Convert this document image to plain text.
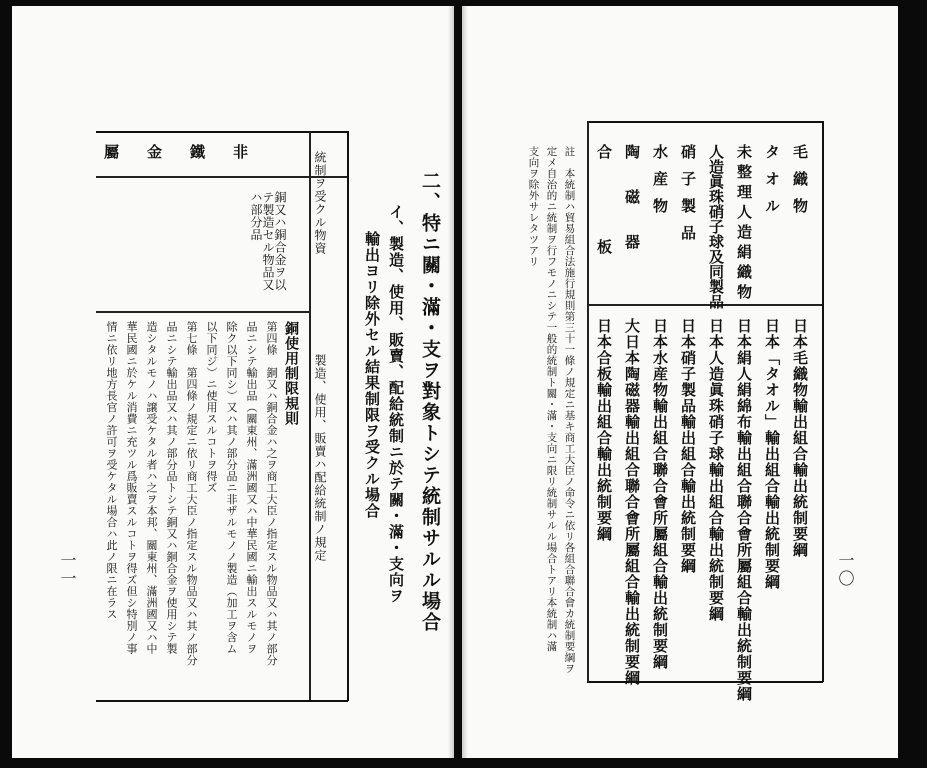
統制ヲ受クル物資
製造、使用、販賣ハ配給統制ノ規定
非鐵金屬
銅又ハ銅合金ヲ以テ製造セル物品又ハ部分品
銅使用制限規則
第四條　銅又ハ銅合金ハ之ヲ商工大臣ノ指定スル物品又ハ其ノ部分
品ニシテ輸出品（關東州、滿洲國又ハ中華民國ニ輸出スルモノヲ
除ク以下同シ）又ハ其ノ部分品ニ非ザルモノノ製造（加工ヲ含ム
以下同ジ）ニ使用スルコトヲ得ズ
第七條　第四條ノ規定ニ依リ商工大臣ノ指定スル物品又ハ其ノ部分
品ニシテ輸出品又ハ其ノ部分品トシテ銅又ハ銅合金ヲ使用シテ製
造シタルモノハ譲受ケタル者ハ之ヲ本邦、關東州、滿洲國又ハ中
華民國ニ於ケル消費ニ充ツル爲販賣スルコトヲ得ズ但シ特別ノ事
情ニ依リ地方長官ノ許可ヲ受ケタル場合ハ此ノ限ニ在ラス	二、特ニ關・滿・支ヲ對象トシテ統制サルル場合
イ、製造、使用、販賣、配給統制ニ於テ關・滿・支向ヲ
輸出ヨリ除外セル結果制限ヲ受クル場合
一一
毛織物
タオル
未整理人造絹織物
人造眞珠硝子球及同製品
硝子製品
水産物
陶磁器
合板
日本毛織物輸出組合輸出統制要綱
日本「タオル」輸出組合輸出統制要綱
日本絹人絹綿布輸出組合聯合會所屬組合輸出統制要綱
日本人造眞珠硝子球輸出組合輸出統制要綱
日本硝子製品輸出組合輸出統制要綱
日本水産物輸出組合聯合會所屬組合輸出統制要綱
大日本陶磁器輸出組合聯合會所屬組合輸出統制要綱
日本合板輸出組合輸出統制要綱
註　本統制ハ貿易組合法施行規則第三十一條ノ規定ニ基キ商工大臣ノ命令ニ依リ各組合聯合會カ統制要綱ヲ
定メ自治的ニ統制ヲ行フモノニシテ一般的統制ト關・滿・支向ニ限リ統制サルル場合トアリ本統制ハ滿
支向ヲ除外サレタツアリ
一〇
